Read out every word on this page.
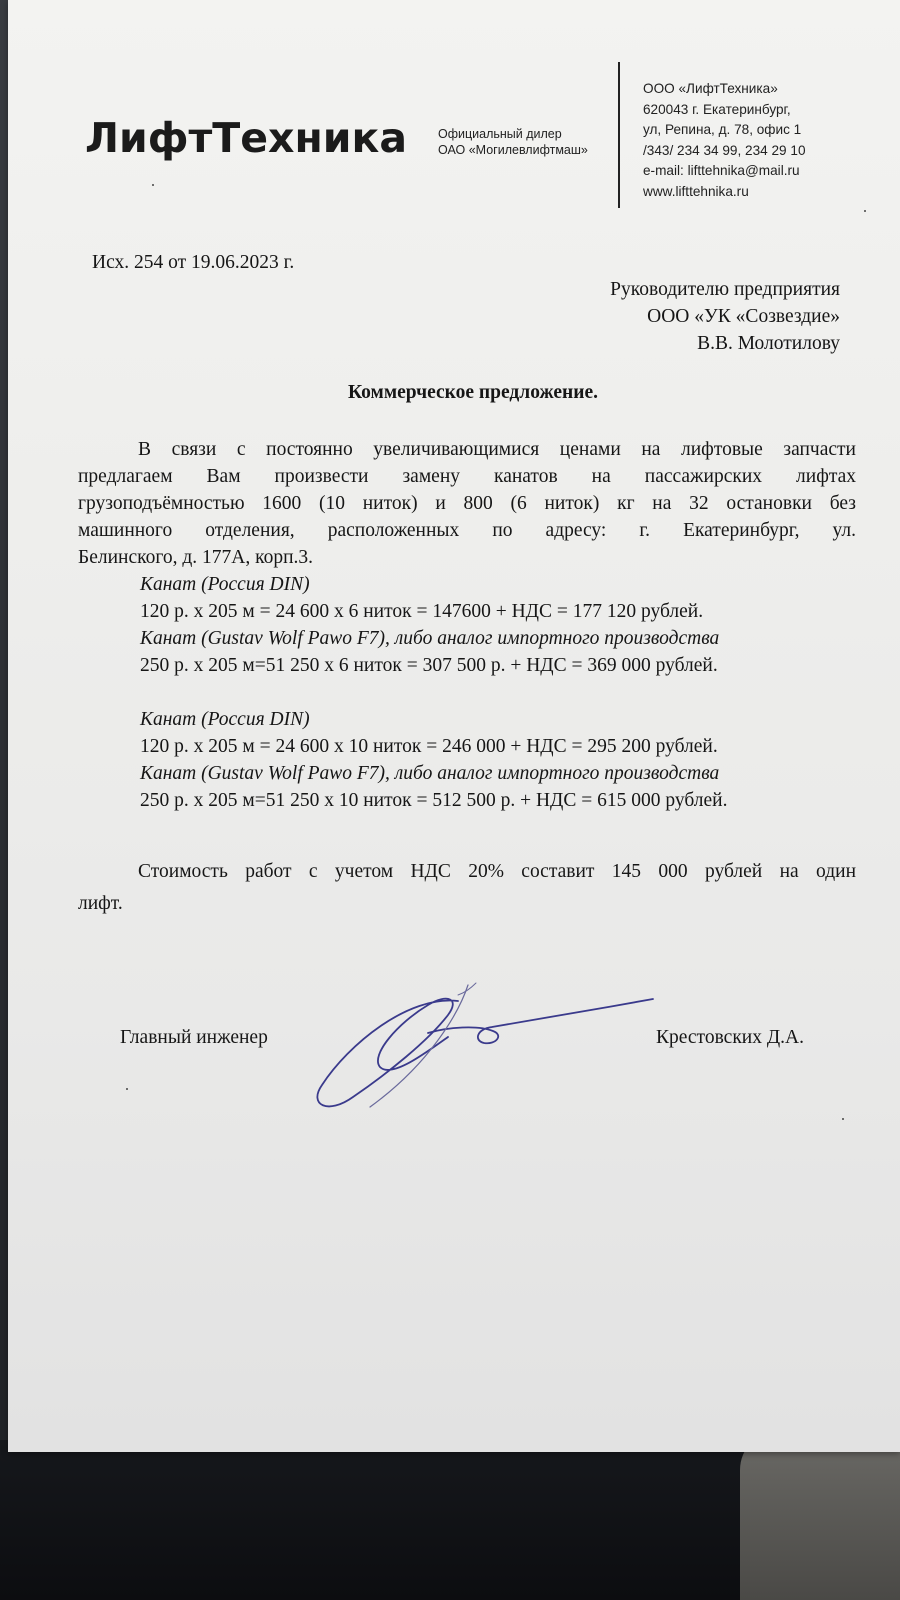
ЛифтТеxника Официальный дилер
ОАО «Могилевлифтмаш»
ООО «ЛифтТехника»
620043 г. Екатеринбург,
ул, Репина, д. 78, офис 1
/343/ 234 34 99, 234 29 10
e-mail: lifttehnika@mail.ru
www.lifttehnika.ru
Исх. 254 от 19.06.2023 г.
Руководителю предприятия
ООО «УК «Созвездие»
В.В. Молотилову
Коммерческое предложение.
В связи с постоянно увеличивающимися ценами на лифтовые запчасти
предлагаем Вам произвести замену канатов на пассажирских лифтах
грузоподъёмностью 1600 (10 ниток) и 800 (6 ниток) кг на 32 остановки без
машинного отделения, расположенных по адресу: г. Екатеринбург, ул.
Белинского, д. 177А, корп.3.
Канат (Россия DIN)
120 р. х 205 м = 24 600 х 6 ниток = 147600 + НДС = 177 120 рублей.
Канат (Gustav Wolf Pawo F7), либо аналог импортного производства
250 р. х 205 м=51 250 х 6 ниток = 307 500 р. + НДС = 369 000 рублей.
Канат (Россия DIN)
120 р. х 205 м = 24 600 х 10 ниток = 246 000 + НДС = 295 200 рублей.
Канат (Gustav Wolf Pawo F7), либо аналог импортного производства
250 р. х 205 м=51 250 х 10 ниток = 512 500 р. + НДС = 615 000 рублей.
Стоимость работ с учетом НДС 20% составит 145 000 рублей на один
лифт.
Главный инженер	Крестовских Д.А.
